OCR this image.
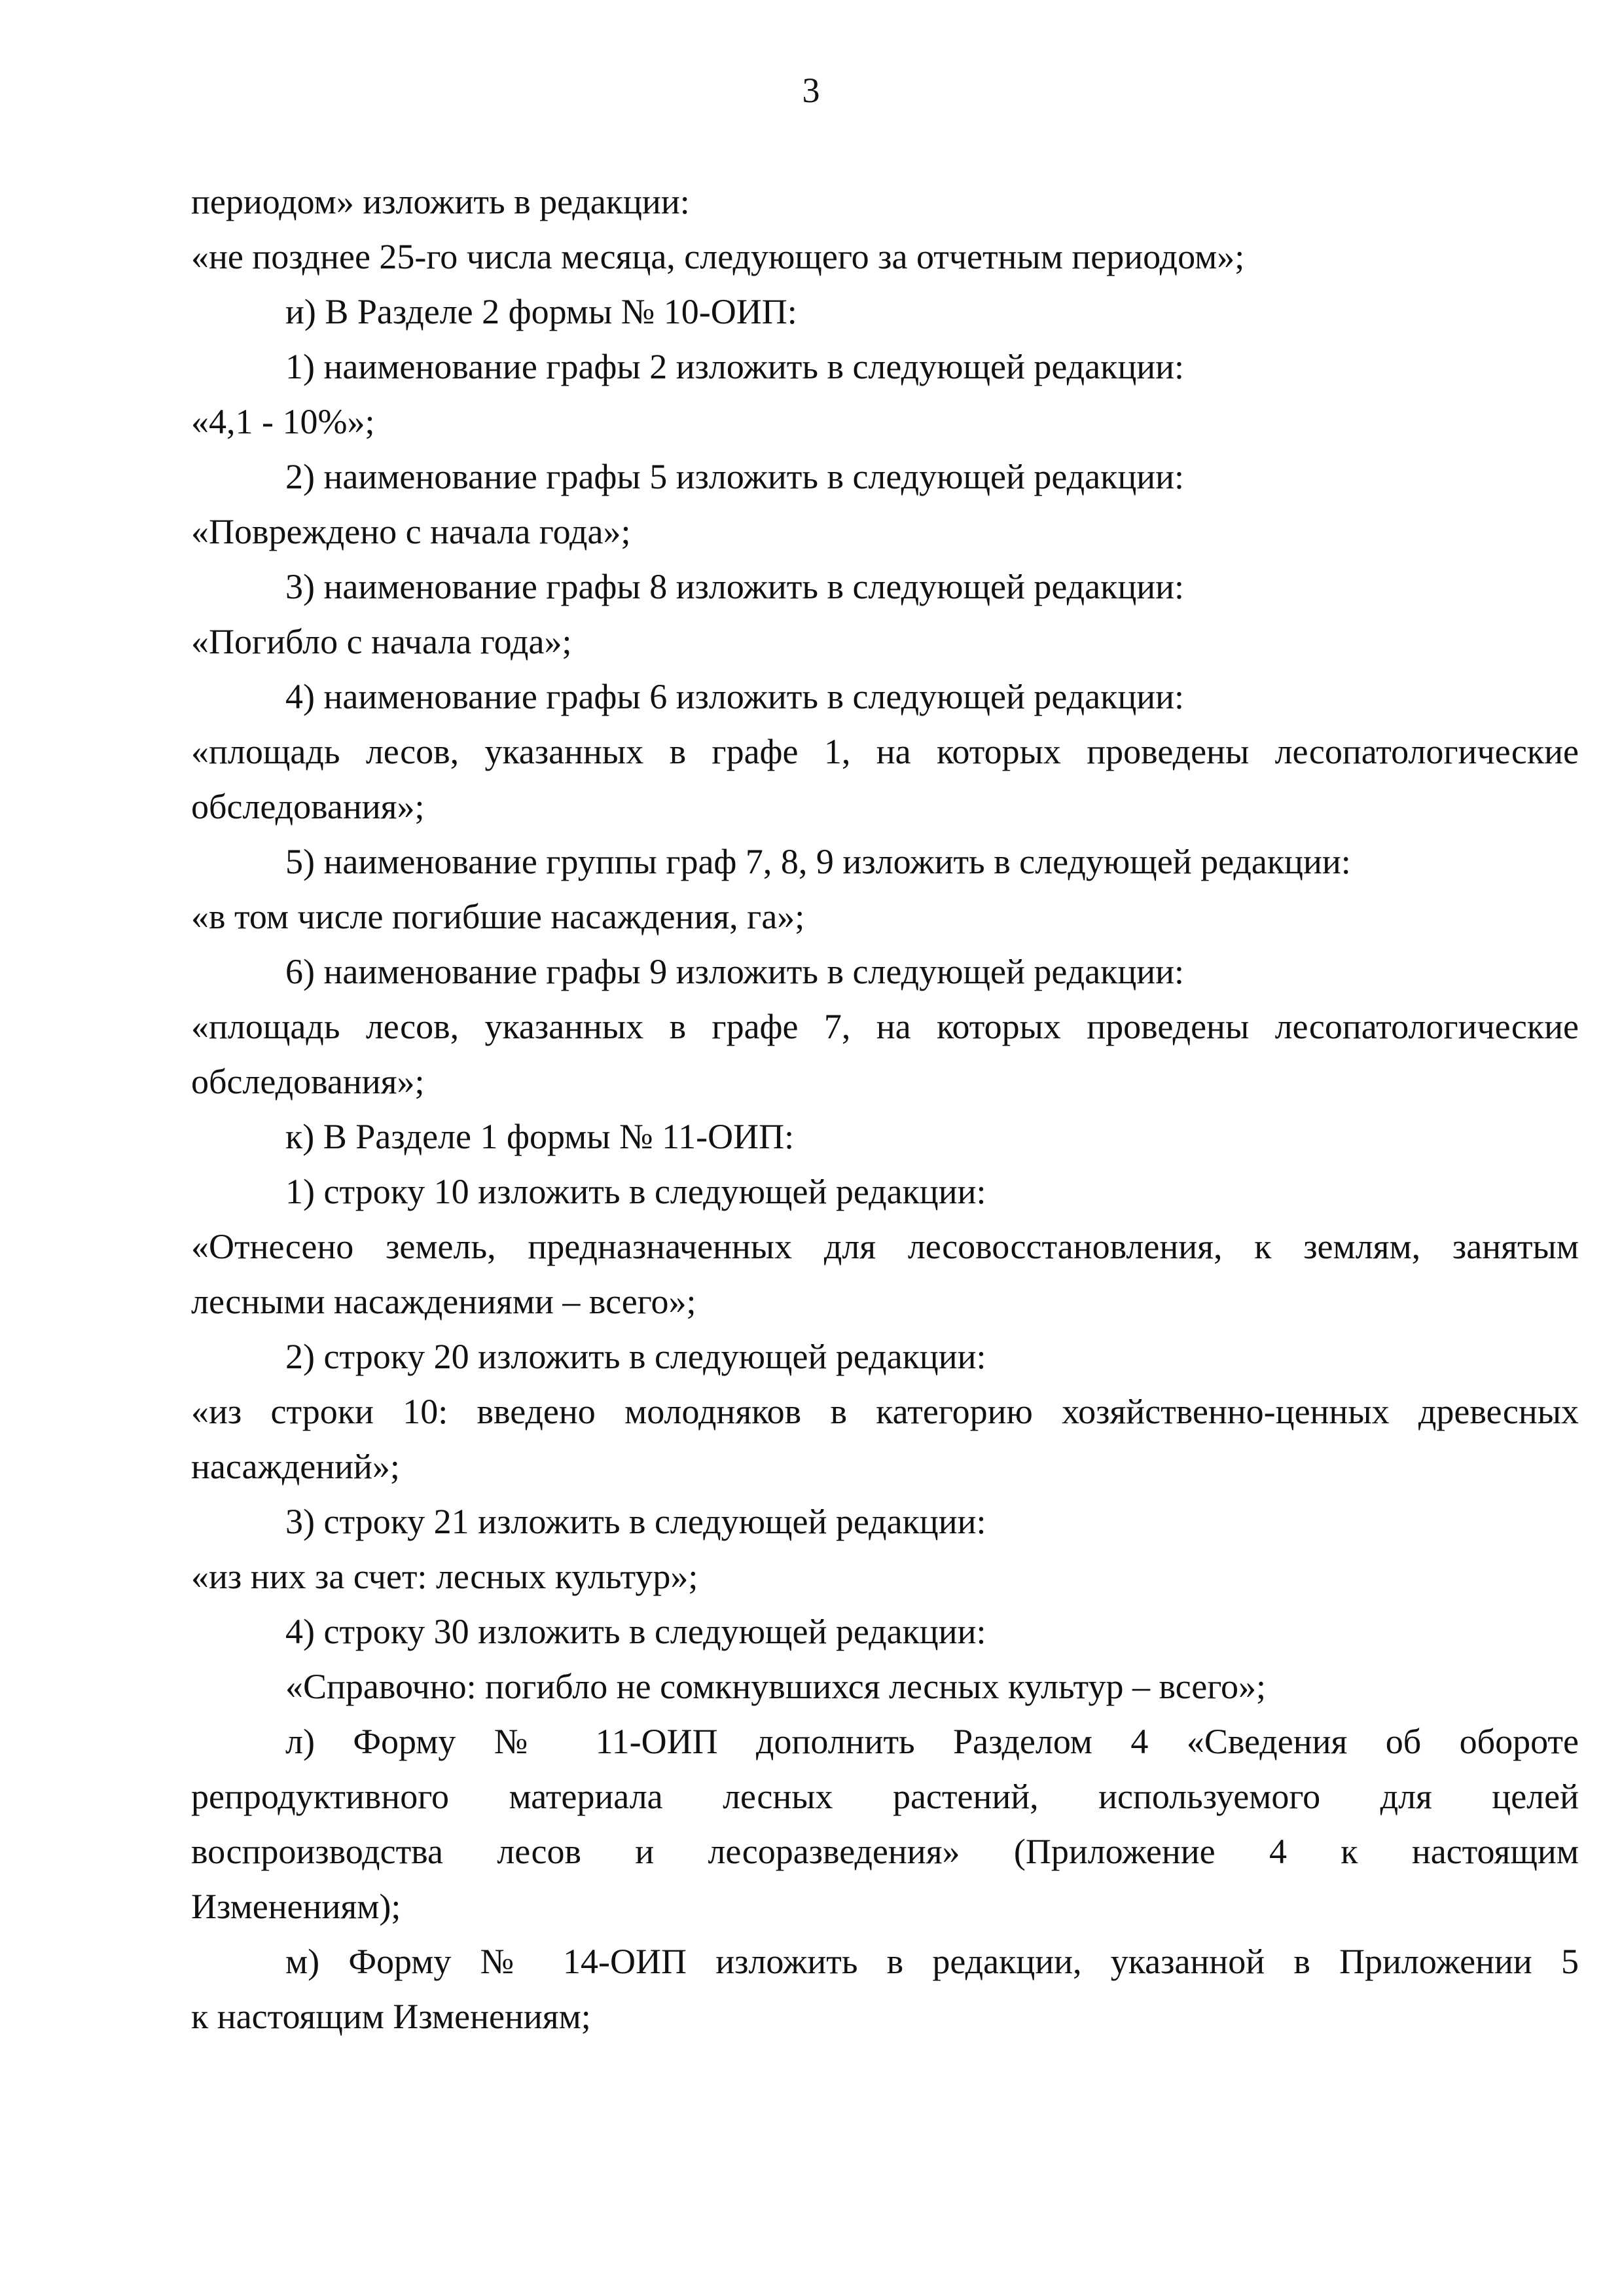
3
периодом» изложить в редакции:
«не позднее 25-го числа месяца, следующего за отчетным периодом»;
и) В Разделе 2 формы № 10-ОИП:
1) наименование графы 2 изложить в следующей редакции:
«4,1 - 10%»;
2) наименование графы 5 изложить в следующей редакции:
«Повреждено с начала года»;
3) наименование графы 8 изложить в следующей редакции:
«Погибло с начала года»;
4) наименование графы 6 изложить в следующей редакции:
«площадь лесов, указанных в графе 1, на которых проведены лесопатологические
обследования»;
5) наименование группы граф 7, 8, 9 изложить в следующей редакции:
«в том числе погибшие насаждения, га»;
6) наименование графы 9 изложить в следующей редакции:
«площадь лесов, указанных в графе 7, на которых проведены лесопатологические
обследования»;
к) В Разделе 1 формы № 11-ОИП:
1) строку 10 изложить в следующей редакции:
«Отнесено земель, предназначенных для лесовосстановления, к землям, занятым
лесными насаждениями – всего»;
2) строку 20 изложить в следующей редакции:
«из строки 10: введено молодняков в категорию хозяйственно-ценных древесных
насаждений»;
3) строку 21 изложить в следующей редакции:
«из них за счет: лесных культур»;
4) строку 30 изложить в следующей редакции:
«Справочно: погибло не сомкнувшихся лесных культур – всего»;
л) Форму № 11-ОИП дополнить Разделом 4 «Сведения об обороте
репродуктивного материала лесных растений, используемого для целей
воспроизводства лесов и лесоразведения» (Приложение 4 к настоящим
Изменениям);
м) Форму № 14-ОИП изложить в редакции, указанной в Приложении 5
к настоящим Изменениям;
